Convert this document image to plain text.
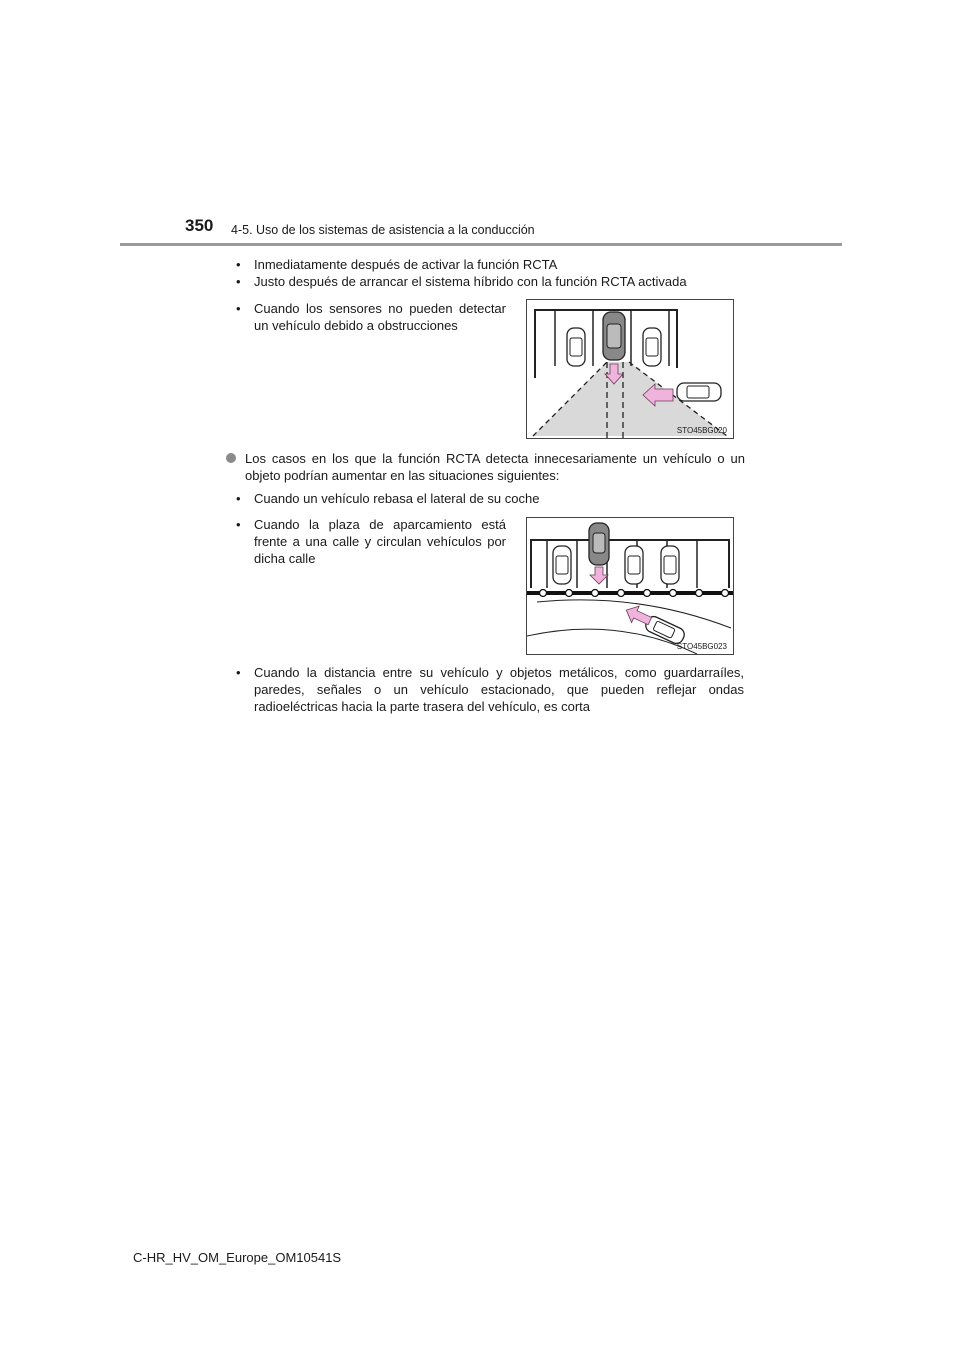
350 4-5. Uso de los sistemas de asistencia a la conducción
•	Inmediatamente después de activar la función RCTA
•	Justo después de arrancar el sistema híbrido con la función RCTA activada
•	Cuando los sensores no pueden detectar
un vehículo debido a obstrucciones
STO45BG020
Los casos en los que la función RCTA detecta innecesariamente un vehículo o un
objeto podrían aumentar en las situaciones siguientes:
•	Cuando un vehículo rebasa el lateral de su coche
•	Cuando la plaza de aparcamiento está
frente a una calle y circulan vehículos por
dicha calle
STO45BG023
•	Cuando la distancia entre su vehículo y objetos metálicos, como guardarraíles,
paredes, señales o un vehículo estacionado, que pueden reflejar ondas
radioeléctricas hacia la parte trasera del vehículo, es corta
C-HR_HV_OM_Europe_OM10541S
